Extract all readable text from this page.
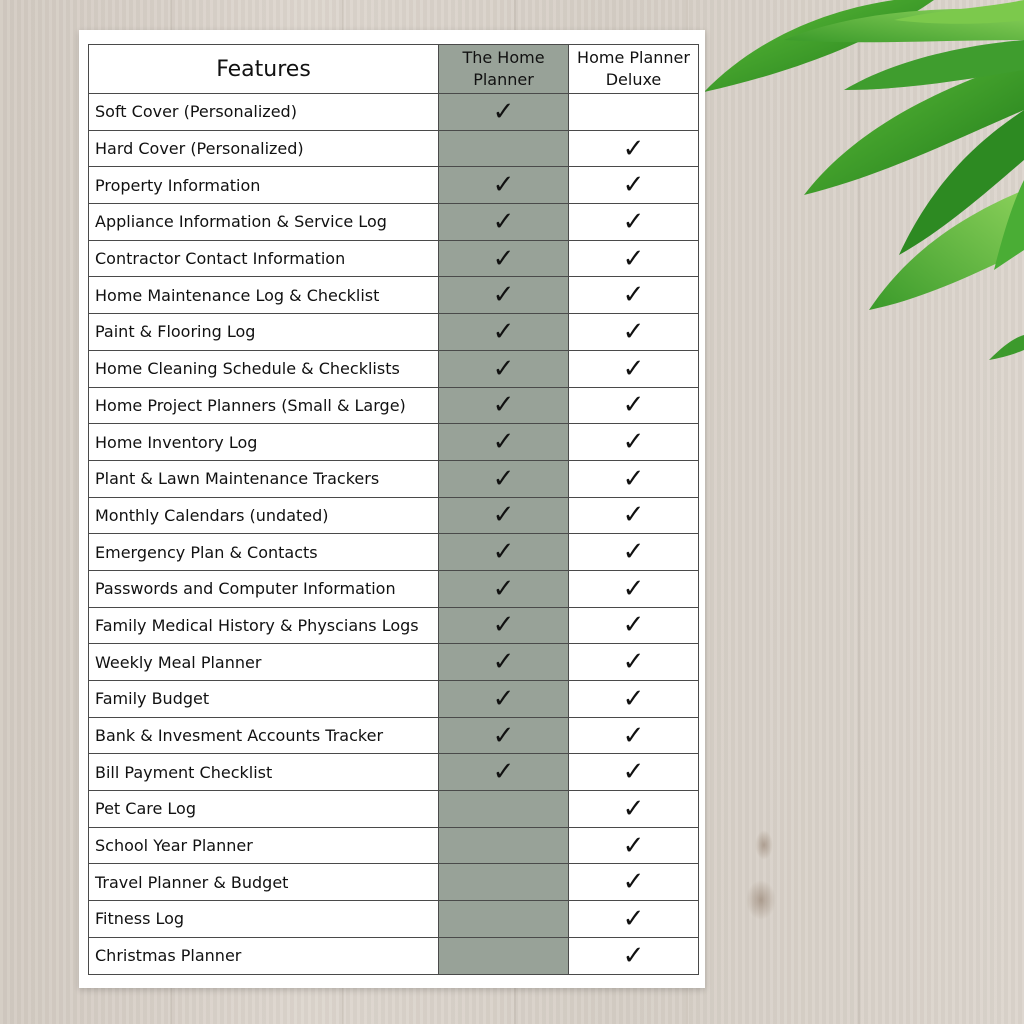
Features	The Home Planner	Home Planner Deluxe
Soft Cover (Personalized)	✓	
Hard Cover (Personalized)		✓
Property Information	✓	✓
Appliance Information & Service Log	✓	✓
Contractor Contact Information	✓	✓
Home Maintenance Log & Checklist	✓	✓
Paint & Flooring Log	✓	✓
Home Cleaning Schedule & Checklists	✓	✓
Home Project Planners (Small & Large)	✓	✓
Home Inventory Log	✓	✓
Plant & Lawn Maintenance Trackers	✓	✓
Monthly Calendars (undated)	✓	✓
Emergency Plan & Contacts	✓	✓
Passwords and Computer Information	✓	✓
Family Medical History & Physcians Logs	✓	✓
Weekly Meal Planner	✓	✓
Family Budget	✓	✓
Bank & Invesment Accounts Tracker	✓	✓
Bill Payment Checklist	✓	✓
Pet Care Log		✓
School Year Planner		✓
Travel Planner & Budget		✓
Fitness Log		✓
Christmas Planner		✓
